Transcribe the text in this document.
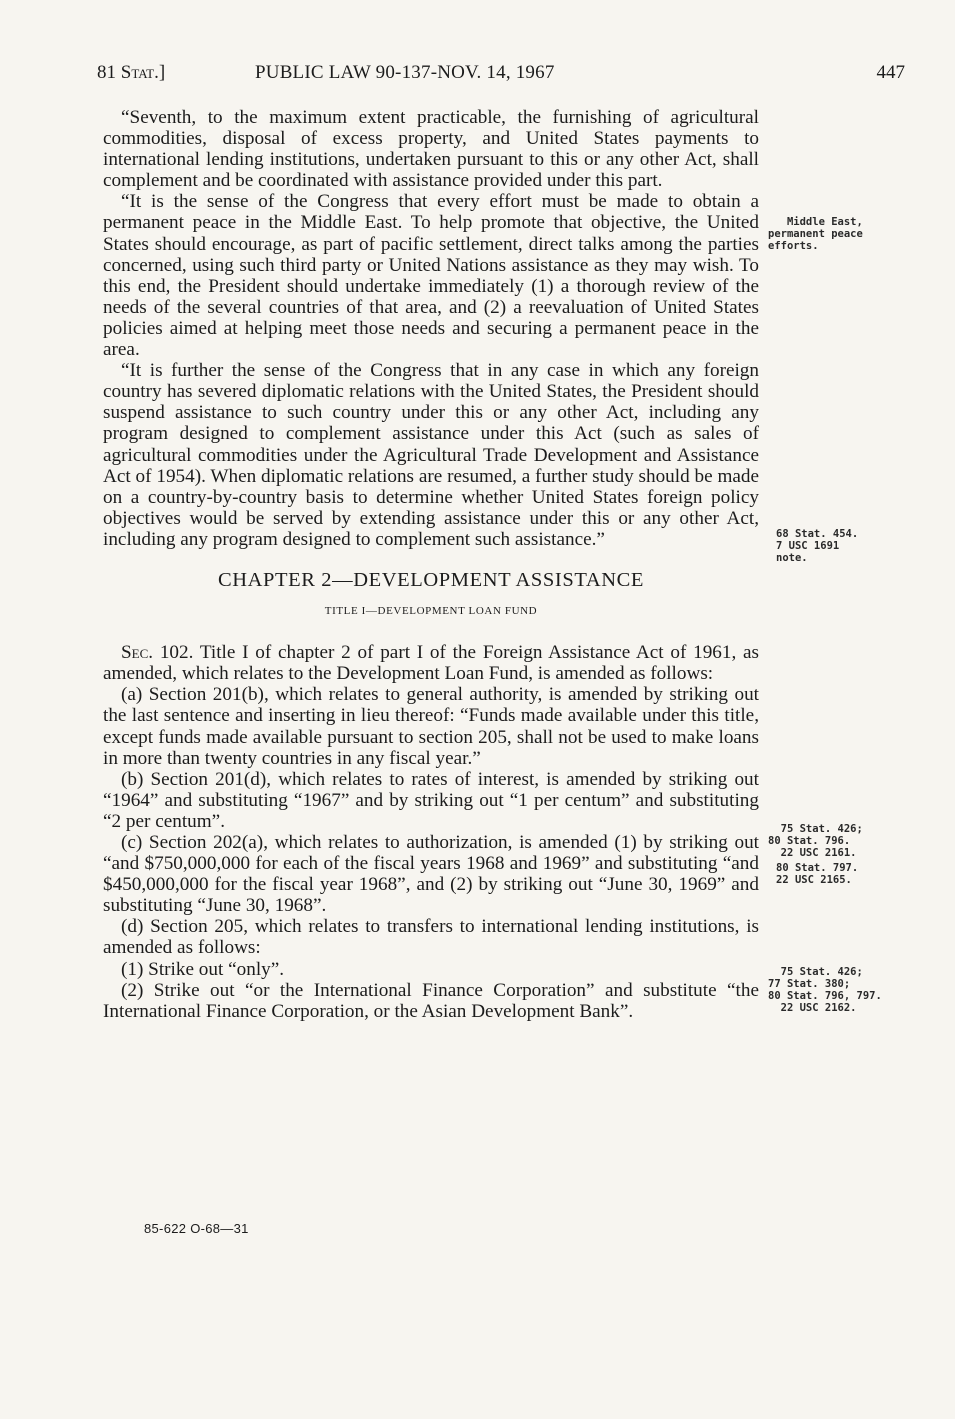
81 Stat.]	PUBLIC LAW 90-137-NOV. 14, 1967	447

“Seventh, to the maximum extent practicable, the furnishing of agricultural commodities, disposal of excess property, and United States payments to international lending institutions, undertaken pursuant to this or any other Act, shall complement and be coordinated with assistance provided under this part.

“It is the sense of the Congress that every effort must be made to obtain a permanent peace in the Middle East. To help promote that objective, the United States should encourage, as part of pacific settlement, direct talks among the parties concerned, using such third party or United Nations assistance as they may wish. To this end, the President should undertake immediately (1) a thorough review of the needs of the several countries of that area, and (2) a reevaluation of United States policies aimed at helping meet those needs and securing a permanent peace in the area.

“It is further the sense of the Congress that in any case in which any foreign country has severed diplomatic relations with the United States, the President should suspend assistance to such country under this or any other Act, including any program designed to complement assistance under this Act (such as sales of agricultural commodities under the Agricultural Trade Development and Assistance Act of 1954). When diplomatic relations are resumed, a further study should be made on a country-by-country basis to determine whether United States foreign policy objectives would be served by extending assistance under this or any other Act, including any program designed to complement such assistance.”

CHAPTER 2—DEVELOPMENT ASSISTANCE
TITLE I—DEVELOPMENT LOAN FUND

Sec. 102. Title I of chapter 2 of part I of the Foreign Assistance Act of 1961, as amended, which relates to the Development Loan Fund, is amended as follows:

(a) Section 201(b), which relates to general authority, is amended by striking out the last sentence and inserting in lieu thereof: “Funds made available under this title, except funds made available pursuant to section 205, shall not be used to make loans in more than twenty countries in any fiscal year.”

(b) Section 201(d), which relates to rates of interest, is amended by striking out “1964” and substituting “1967” and by striking out “1 per centum” and substituting “2 per centum”.

(c) Section 202(a), which relates to authorization, is amended (1) by striking out “and $750,000,000 for each of the fiscal years 1968 and 1969” and substituting “and $450,000,000 for the fiscal year 1968”, and (2) by striking out “June 30, 1969” and substituting “June 30, 1968”.

(d) Section 205, which relates to transfers to international lending institutions, is amended as follows:

(1) Strike out “only”.

(2) Strike out “or the International Finance Corporation” and substitute “the International Finance Corporation, or the Asian Development Bank”.

Middle East,
permanent peace
efforts.
68 Stat. 454.
7 USC 1691
note.
75 Stat. 426;
80 Stat. 796.
22 USC 2161.
80 Stat. 797.
22 USC 2165.
75 Stat. 426;
77 Stat. 380;
80 Stat. 796, 797.
22 USC 2162.
85-622 O-68—31
